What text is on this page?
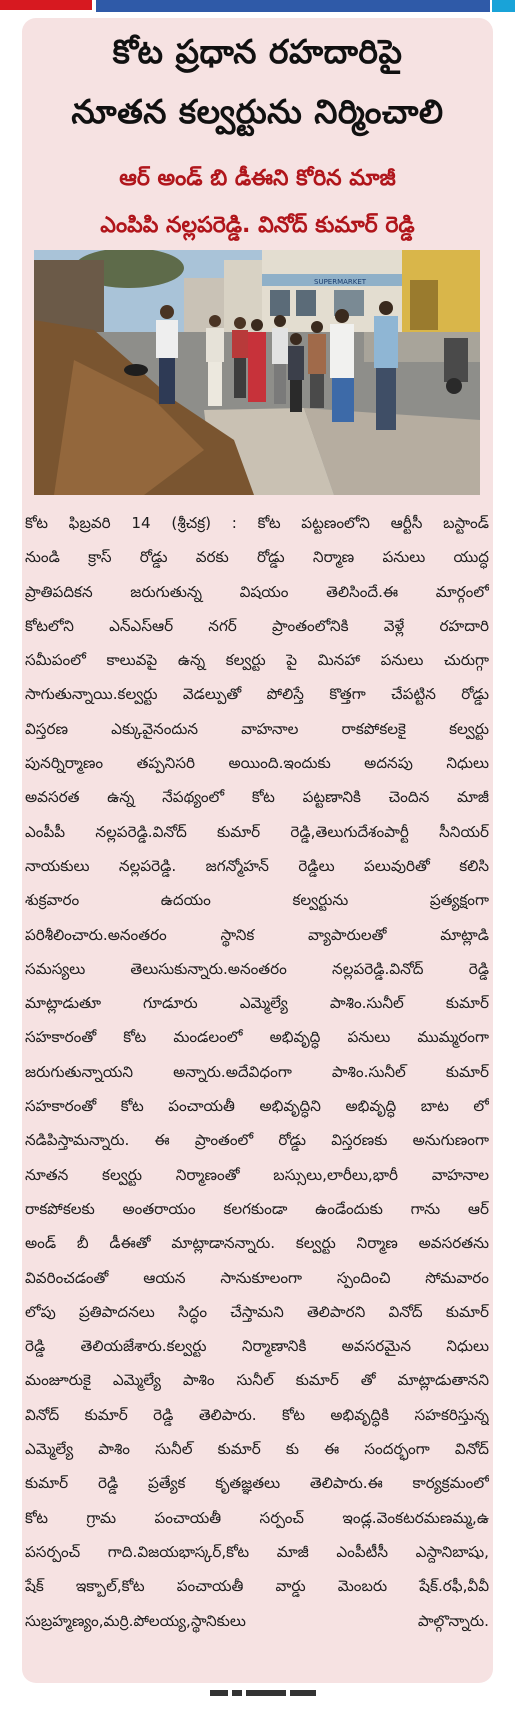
కోట ప్రధాన రహదారిపై
నూతన కల్వర్టును నిర్మించాలి
ఆర్ అండ్ బి డీఈని కోరిన మాజీ
ఎంపిపి నల్లపరెడ్డి. వినోద్ కుమార్ రెడ్డి
SUPERMARKET
కోట ఫిబ్రవరి 14 (శ్రీచక్ర) : కోట పట్టణంలోని ఆర్టీసీ బస్టాండ్
నుండి క్రాస్ రోడ్డు వరకు రోడ్డు నిర్మాణ పనులు యుద్ధ
ప్రాతిపదికన జరుగుతున్న విషయం తెలిసిందే.ఈ మార్గంలో
కోటలోని ఎన్ఎస్ఆర్ నగర్ ప్రాంతంలోనికి వెళ్లే రహదారి
సమీపంలో కాలువపై ఉన్న కల్వర్టు పై మినహా పనులు చురుగ్గా
సాగుతున్నాయి.కల్వర్టు వెడల్పుతో పోలిస్తే కొత్తగా చేపట్టిన రోడ్డు
విస్తరణ ఎక్కువైనందున వాహనాల రాకపోకలకై కల్వర్టు
పునర్నిర్మాణం తప్పనిసరి అయింది.ఇందుకు అదనపు నిధులు
అవసరత ఉన్న నేపథ్యంలో కోట పట్టణానికి చెందిన మాజీ
ఎంపీపీ నల్లపరెడ్డి.వినోద్ కుమార్ రెడ్డి,తెలుగుదేశంపార్టీ సీనియర్
నాయకులు నల్లపరెడ్డి. జగన్మోహన్ రెడ్డిలు పలువురితో కలిసి
శుక్రవారం ఉదయం కల్వర్టును ప్రత్యక్షంగా
పరిశీలించారు.అనంతరం స్థానిక వ్యాపారులతో మాట్లాడి
సమస్యలు తెలుసుకున్నారు.అనంతరం నల్లపరెడ్డి.వినోద్ రెడ్డి
మాట్లాడుతూ గూడూరు ఎమ్మెల్యే పాశిం.సునీల్ కుమార్
సహకారంతో కోట మండలంలో అభివృద్ధి పనులు ముమ్మరంగా
జరుగుతున్నాయని అన్నారు.అదేవిధంగా పాశిం.సునీల్ కుమార్
సహకారంతో కోట పంచాయతీ అభివృద్ధిని అభివృద్ధి బాట లో
నడిపిస్తామన్నారు. ఈ ప్రాంతంలో రోడ్డు విస్తరణకు అనుగుణంగా
నూతన కల్వర్టు నిర్మాణంతో బస్సులు,లారీలు,భారీ వాహనాల
రాకపోకలకు అంతరాయం కలగకుండా ఉండేందుకు గాను ఆర్
అండ్ బీ డీఈతో మాట్లాడానన్నారు. కల్వర్టు నిర్మాణ అవసరతను
వివరించడంతో ఆయన సానుకూలంగా స్పందించి సోమవారం
లోపు ప్రతిపాదనలు సిద్ధం చేస్తామని తెలిపారని వినోద్ కుమార్
రెడ్డి తెలియజేశారు.కల్వర్టు నిర్మాణానికి అవసరమైన నిధులు
మంజూరుకై ఎమ్మెల్యే పాశిం సునీల్ కుమార్ తో మాట్లాడుతానని
వినోద్ కుమార్ రెడ్డి తెలిపారు. కోట అభివృద్ధికి సహకరిస్తున్న
ఎమ్మెల్యే పాశిం సునీల్ కుమార్ కు ఈ సందర్భంగా వినోద్
కుమార్ రెడ్డి ప్రత్యేక కృతజ్ఞతలు తెలిపారు.ఈ కార్యక్రమంలో
కోట గ్రామ పంచాయతీ సర్పంచ్ ఇండ్ల.వెంకటరమణమ్మ,ఉ
పసర్పంచ్ గాది.విజయభాస్కర్,కోట మాజీ ఎంపీటీసీ ఎస్దానిబాషు,
షేక్ ఇక్బాల్,కోట పంచాయతీ వార్డు మెంబరు షేక్.రఫీ,వీవీ
సుబ్రహ్మణ్యం,మర్రి.పోలయ్య,స్థానికులు పాల్గొన్నారు.
